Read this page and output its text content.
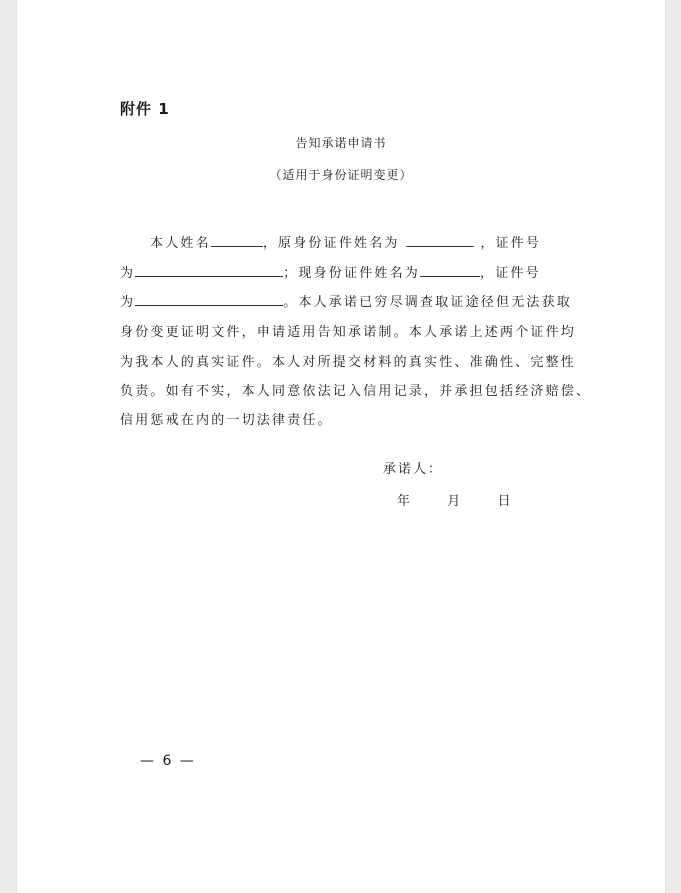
附件 1
告知承诺申请书
（适用于身份证明变更）
本人姓名	，原身份证件姓名为	，证件号
为	；现身份证件姓名为	，证件号
为	。本人承诺已穷尽调查取证途径但无法获取
身份变更证明文件，申请适用告知承诺制。本人承诺上述两个证件均
为我本人的真实证件。本人对所提交材料的真实性、准确性、完整性
负责。如有不实，本人同意依法记入信用记录，并承担包括经济赔偿、
信用惩戒在内的一切法律责任。
承诺人：
年	月	日
— 6 —
